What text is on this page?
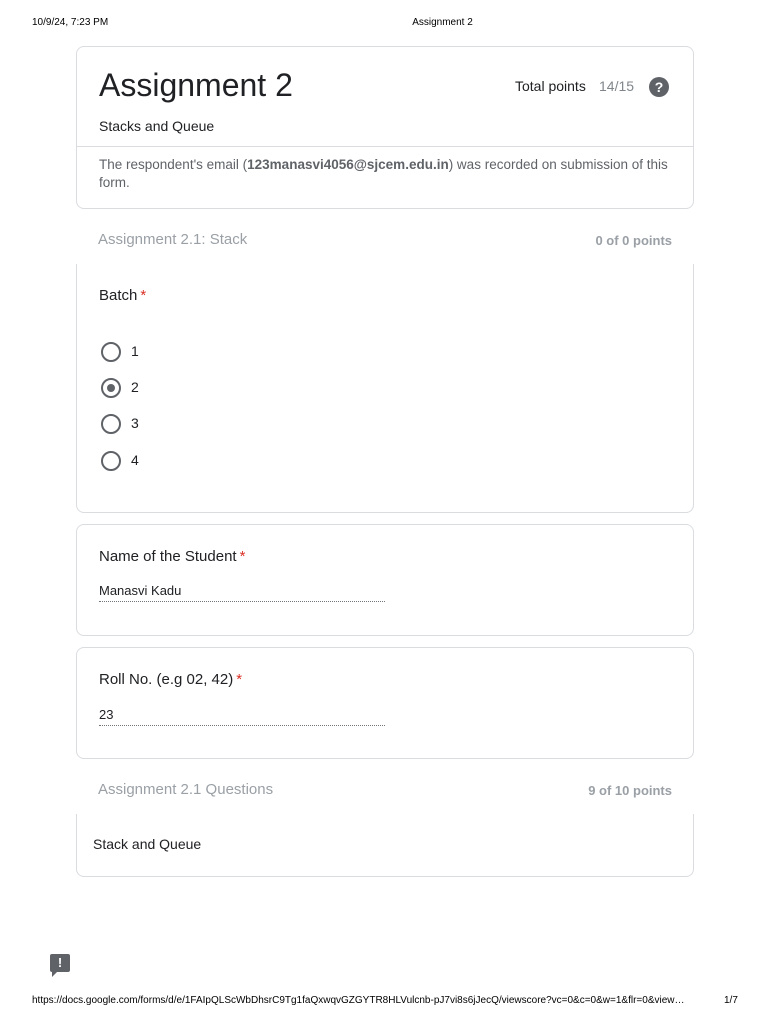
10/9/24, 7:23 PM	Assignment 2
Assignment 2	Total points 14/15	?
Stacks and Queue
The respondent's email (123manasvi4056@sjcem.edu.in) was recorded on submission of this form.
Assignment 2.1: Stack	0 of 0 points
Batch *
1
2
3
4
Name of the Student *
Manasvi Kadu
Roll No. (e.g 02, 42) *
23
Assignment 2.1 Questions	9 of 10 points
Stack and Queue
!
https://docs.google.com/forms/d/e/1FAIpQLScWbDhsrC9Tg1faQxwqvGZGYTR8HLVulcnb-pJ7vi8s6jJecQ/viewscore?vc=0&c=0&w=1&flr=0&view…	1/7
